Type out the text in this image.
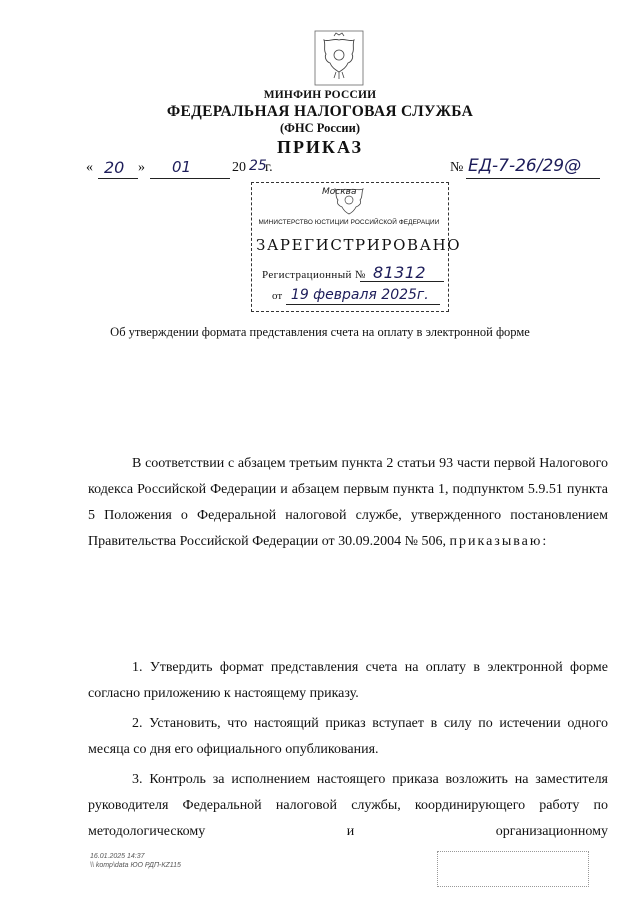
МИНФИН РОССИИ
ФЕДЕРАЛЬНАЯ НАЛОГОВАЯ СЛУЖБА
(ФНС России)
ПРИКАЗ
« 20 » 01	20 25
г.	№ ЕД-7-26/29@
Москва
МИНИСТЕРСТВО ЮСТИЦИИ РОССИЙСКОЙ ФЕДЕРАЦИИ
ЗАРЕГИСТРИРОВАНО
Регистрационный № 81312
от 19 февраля 2025г.
Об утверждении формата представления счета на оплату в электронной форме

В соответствии с абзацем третьим пункта 2 статьи 93 части первой Налогового кодекса Российской Федерации и абзацем первым пункта 1, подпунктом 5.9.51 пункта 5 Положения о Федеральной налоговой службе, утвержденного постановлением Правительства Российской Федерации от 30.09.2004 № 506, приказываю:

1. Утвердить формат представления счета на оплату в электронной форме согласно приложению к настоящему приказу.

2. Установить, что настоящий приказ вступает в силу по истечении одного месяца со дня его официального опубликования.

3. Контроль за исполнением настоящего приказа возложить на заместителя руководителя Федеральной налоговой службы, координирующего работу по методологическому и организационному

16.01.2025 14:37
\\ komp\data ЮО РДП-КZ115
